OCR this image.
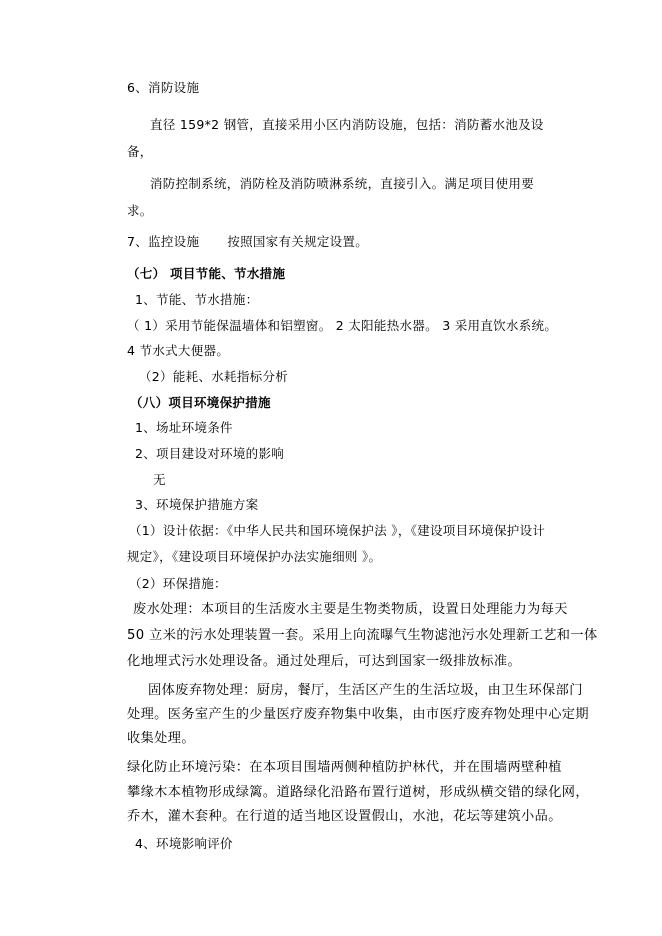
6、消防设施
直径 159*2 钢管，直接采用小区内消防设施，包括：消防蓄水池及设
备，
消防控制系统，消防栓及消防喷淋系统，直接引入。满足项目使用要
求。
7、监控设施 按照国家有关规定设置。
（七） 项目节能、节水措施
1、节能、节水措施：
（ 1）采用节能保温墙体和铝塑窗。 2 太阳能热水器。 3 采用直饮水系统。
4 节水式大便器。
（2）能耗、水耗指标分析
（八）项目环境保护措施
1、场址环境条件
2、项目建设对环境的影响
无
3、环境保护措施方案
（1）设计依据：《中华人民共和国环境保护法 》，《建设项目环境保护设计
规定》，《建设项目环境保护办法实施细则 》。
（2）环保措施：
废水处理：本项目的生活废水主要是生物类物质，设置日处理能力为每天
50 立米的污水处理装置一套。采用上向流曝气生物滤池污水处理新工艺和一体
化地埋式污水处理设备。通过处理后，可达到国家一级排放标准。
固体废弃物处理：厨房，餐厅，生活区产生的生活垃圾，由卫生环保部门
处理。医务室产生的少量医疗废弃物集中收集，由市医疗废弃物处理中心定期
收集处理。
绿化防止环境污染：在本项目围墙两侧种植防护林代，并在围墙两壁种植
攀缘木本植物形成绿篱。道路绿化沿路布置行道树，形成纵横交错的绿化网，
乔木，灌木套种。在行道的适当地区设置假山，水池，花坛等建筑小品。
4、环境影响评价
